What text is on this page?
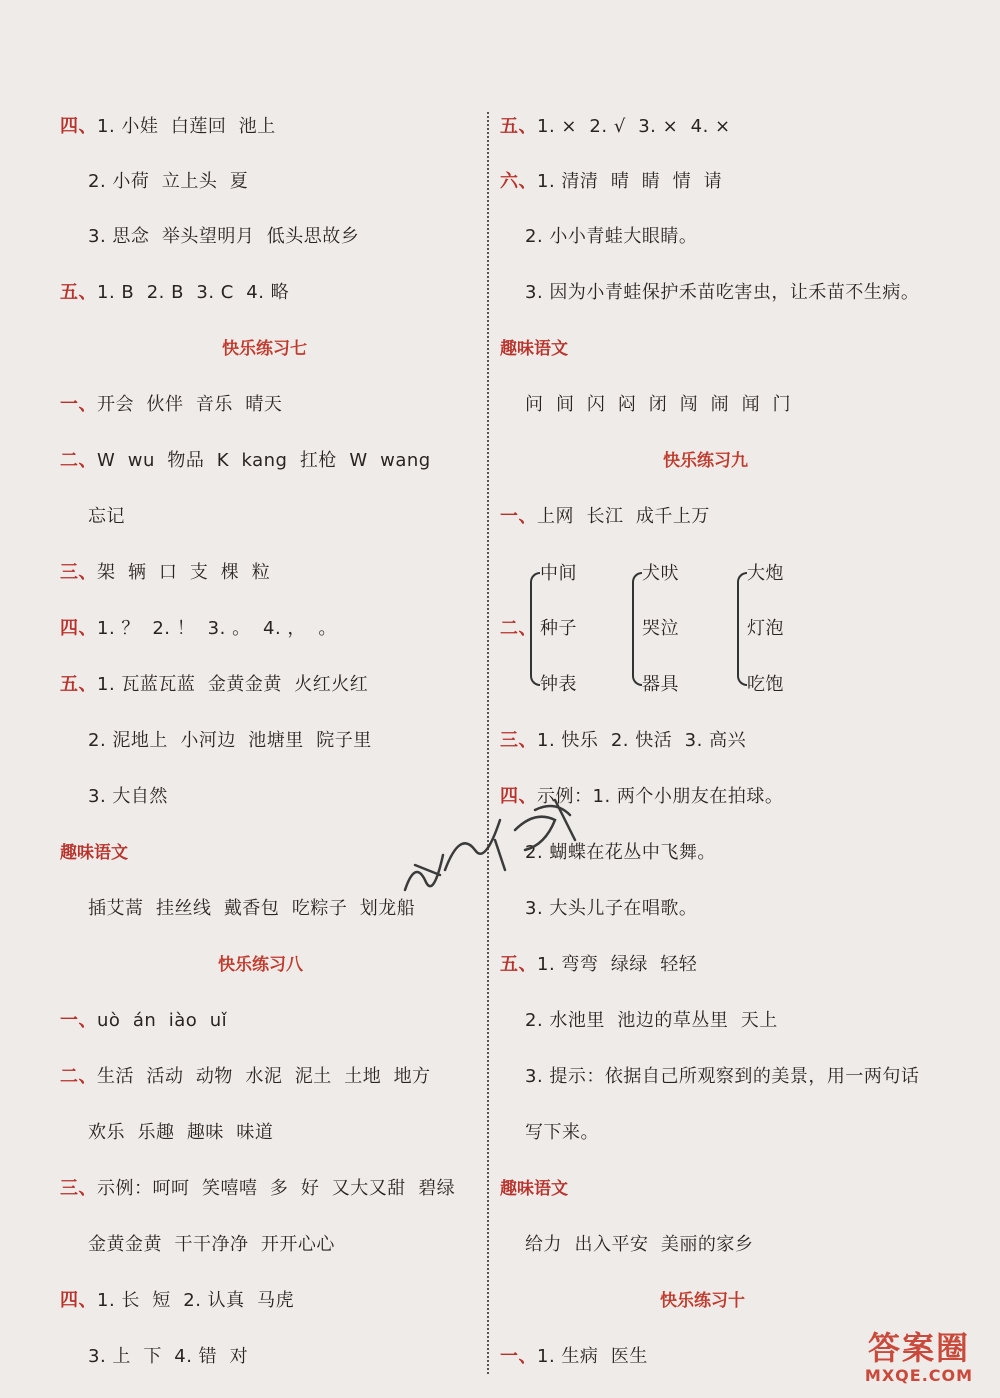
四、1. 小娃  白莲回  池上
2. 小荷  立上头  夏
3. 思念  举头望明月  低头思故乡
五、1. B  2. B  3. C  4. 略
快乐练习七
一、开会  伙伴  音乐  晴天
二、W  wu  物品  K  kang  扛枪  W  wang
忘记
三、架  辆  口  支  棵  粒
四、1. ？  2. ！  3. 。  4. ，  。
五、1. 瓦蓝瓦蓝  金黄金黄  火红火红
2. 泥地上  小河边  池塘里  院子里
3. 大自然
趣味语文
插艾蒿  挂丝线  戴香包  吃粽子  划龙船
快乐练习八
一、uò  án  iào  uǐ
二、生活  活动  动物  水泥  泥土  土地  地方
欢乐  乐趣  趣味  味道
三、示例：呵呵  笑嘻嘻  多  好  又大又甜  碧绿
金黄金黄  干干净净  开开心心
四、1. 长  短  2. 认真  马虎
3. 上  下  4. 错  对
五、1. ×  2. √  3. ×  4. ×
六、1. 清清  晴  睛  情  请
2. 小小青蛙大眼睛。
3. 因为小青蛙保护禾苗吃害虫，让禾苗不生病。
趣味语文
问  间  闪  闷  闭  闯  闹  闻  门
快乐练习九
一、上网  长江  成千上万
二、
中间
种子
钟表
犬吠
哭泣
器具
大炮
灯泡
吃饱
三、1. 快乐  2. 快活  3. 高兴
四、示例：1. 两个小朋友在拍球。
2. 蝴蝶在花丛中飞舞。
3. 大头儿子在唱歌。
五、1. 弯弯  绿绿  轻轻
2. 水池里  池边的草丛里  天上
3. 提示：依据自己所观察到的美景，用一两句话
写下来。
趣味语文
给力  出入平安  美丽的家乡
快乐练习十
一、1. 生病  医生	答案圈
MXQE.COM
